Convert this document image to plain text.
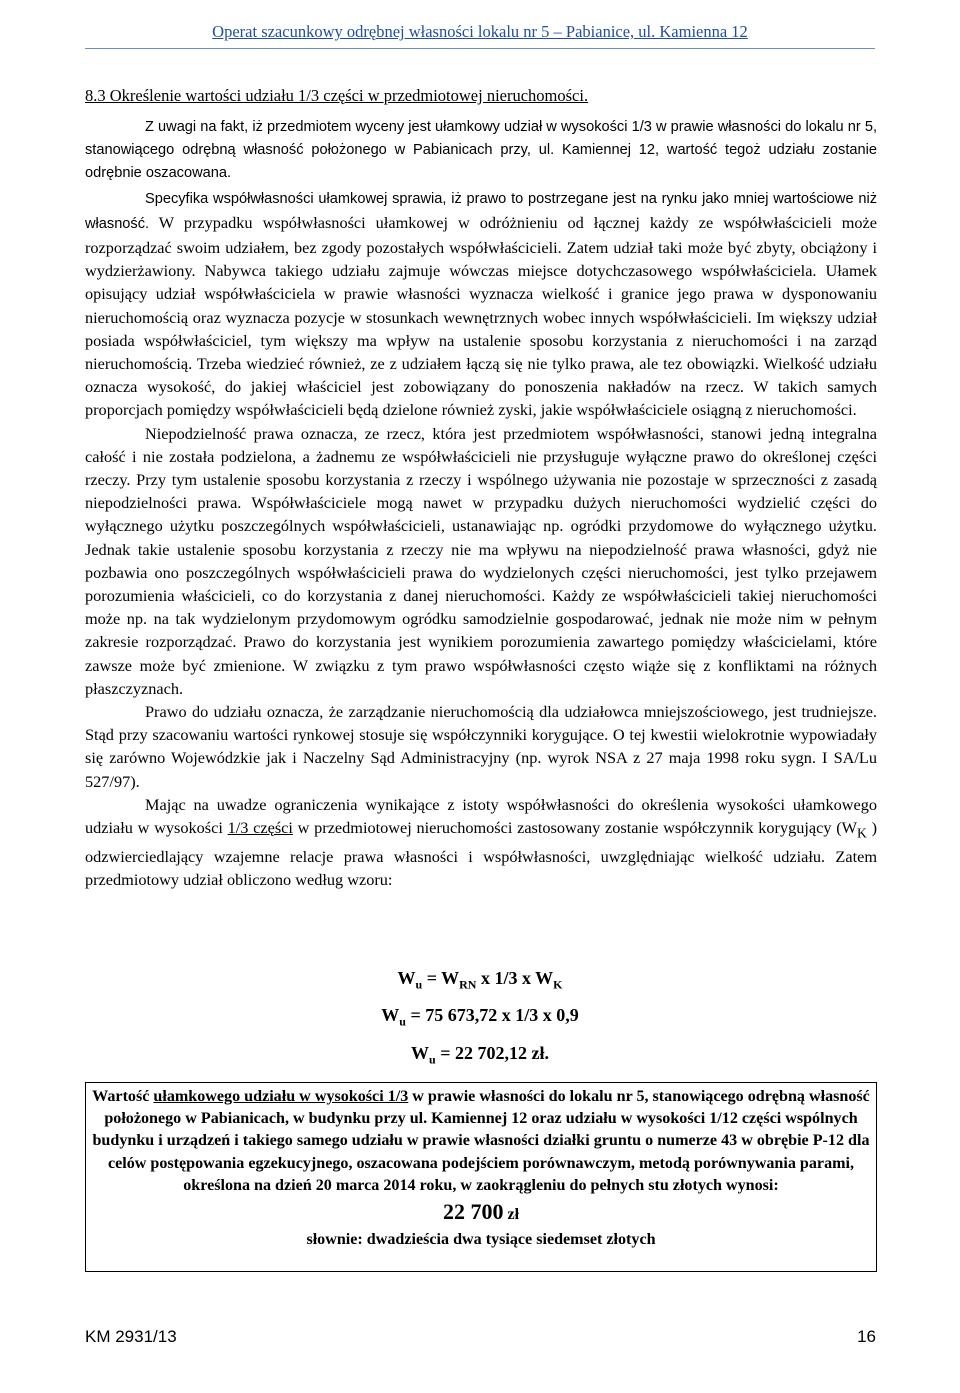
Operat szacunkowy odrębnej własności lokalu nr 5 – Pabianice, ul. Kamienna 12
8.3 Określenie wartości udziału 1/3 części w przedmiotowej nieruchomości.

Z uwagi na fakt, iż przedmiotem wyceny jest ułamkowy udział w wysokości 1/3 w prawie własności do lokalu nr 5, stanowiącego odrębną własność położonego w Pabianicach przy, ul. Kamiennej 12, wartość tegoż udziału zostanie odrębnie oszacowana.

Specyfika współwłasności ułamkowej sprawia, iż prawo to postrzegane jest na rynku jako mniej wartościowe niż własność. W przypadku współwłasności ułamkowej w odróżnieniu od łącznej każdy ze współwłaścicieli może rozporządzać swoim udziałem, bez zgody pozostałych współwłaścicieli. Zatem udział taki może być zbyty, obciążony i wydzierżawiony. Nabywca takiego udziału zajmuje wówczas miejsce dotychczasowego współwłaściciela. Ułamek opisujący udział współwłaściciela w prawie własności wyznacza wielkość i granice jego prawa w dysponowaniu nieruchomością oraz wyznacza pozycje w stosunkach wewnętrznych wobec innych współwłaścicieli. Im większy udział posiada współwłaściciel, tym większy ma wpływ na ustalenie sposobu korzystania z nieruchomości i na zarząd nieruchomością. Trzeba wiedzieć również, ze z udziałem łączą się nie tylko prawa, ale tez obowiązki. Wielkość udziału oznacza wysokość, do jakiej właściciel jest zobowiązany do ponoszenia nakładów na rzecz. W takich samych proporcjach pomiędzy współwłaścicieli będą dzielone również zyski, jakie współwłaściciele osiągną z nieruchomości.

Niepodzielność prawa oznacza, ze rzecz, która jest przedmiotem współwłasności, stanowi jedną integralna całość i nie została podzielona, a żadnemu ze współwłaścicieli nie przysługuje wyłączne prawo do określonej części rzeczy. Przy tym ustalenie sposobu korzystania z rzeczy i wspólnego używania nie pozostaje w sprzeczności z zasadą niepodzielności prawa. Współwłaściciele mogą nawet w przypadku dużych nieruchomości wydzielić części do wyłącznego użytku poszczególnych współwłaścicieli, ustanawiając np. ogródki przydomowe do wyłącznego użytku. Jednak takie ustalenie sposobu korzystania z rzeczy nie ma wpływu na niepodzielność prawa własności, gdyż nie pozbawia ono poszczególnych współwłaścicieli prawa do wydzielonych części nieruchomości, jest tylko przejawem porozumienia właścicieli, co do korzystania z danej nieruchomości. Każdy ze współwłaścicieli takiej nieruchomości może np. na tak wydzielonym przydomowym ogródku samodzielnie gospodarować, jednak nie może nim w pełnym zakresie rozporządzać. Prawo do korzystania jest wynikiem porozumienia zawartego pomiędzy właścicielami, które zawsze może być zmienione. W związku z tym prawo współwłasności często wiąże się z konfliktami na różnych płaszczyznach.

Prawo do udziału oznacza, że zarządzanie nieruchomością dla udziałowca mniejszościowego, jest trudniejsze. Stąd przy szacowaniu wartości rynkowej stosuje się współczynniki korygujące. O tej kwestii wielokrotnie wypowiadały się zarówno Wojewódzkie jak i Naczelny Sąd Administracyjny (np. wyrok NSA z 27 maja 1998 roku sygn. I SA/Lu 527/97).

Mając na uwadze ograniczenia wynikające z istoty współwłasności do określenia wysokości ułamkowego udziału w wysokości 1/3 części w przedmiotowej nieruchomości zastosowany zostanie współczynnik korygujący ($W_K$ ) odzwierciedlający wzajemne relacje prawa własności i współwłasności, uwzględniając wielkość udziału. Zatem przedmiotowy udział obliczono według wzoru:

$W_u = W_{RN}$ x 1/3 x $W_K$
$W_u = 75$ 673,72 x 1/3 x 0,9
$W_u = 22$ 702,12 zł.
Wartość ułamkowego udziału w wysokości 1/3 w prawie własności do lokalu nr 5, stanowiącego odrębną własność położonego w Pabianicach, w budynku przy ul. Kamiennej 12 oraz udziału w wysokości 1/12 części wspólnych budynku i urządzeń i takiego samego udziału w prawie własności działki gruntu o numerze 43 w obrębie P-12 dla celów postępowania egzekucyjnego, oszacowana podejściem porównawczym, metodą porównywania parami, określona na dzień 20 marca 2014 roku, w zaokrągleniu do pełnych stu złotych wynosi:
22 700 zł
słownie: dwadzieścia dwa tysiące siedemset złotych
KM 2931/13	16
